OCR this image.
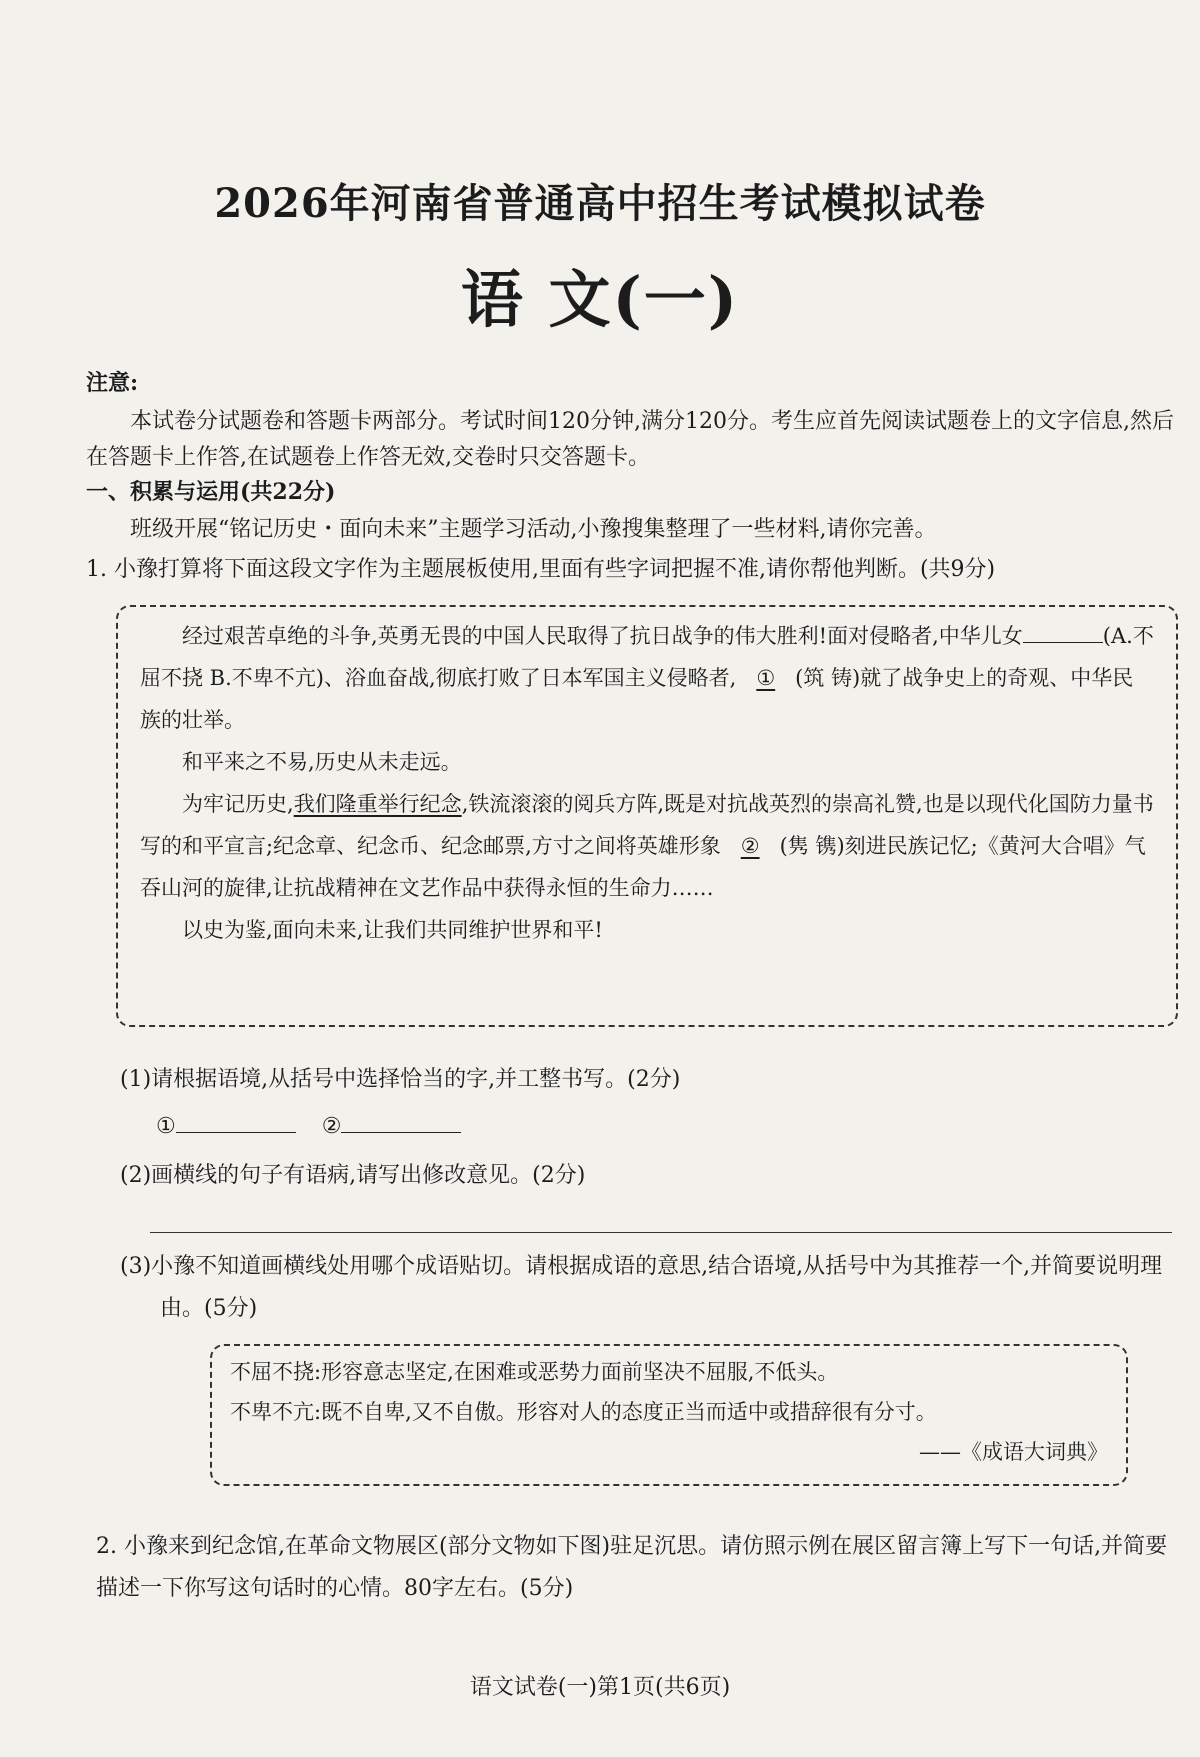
2026年河南省普通高中招生考试模拟试卷
语 文(一)
注意:
本试卷分试题卷和答题卡两部分。考试时间120分钟,满分120分。考生应首先阅读试题卷上的文字信息,然后在答题卡上作答,在试题卷上作答无效,交卷时只交答题卡。
一、积累与运用(共22分)
班级开展“铭记历史・面向未来”主题学习活动,小豫搜集整理了一些材料,请你完善。
1. 小豫打算将下面这段文字作为主题展板使用,里面有些字词把握不准,请你帮他判断。(共9分)

经过艰苦卓绝的斗争,英勇无畏的中国人民取得了抗日战争的伟大胜利!面对侵略者,中华儿女	(A.不屈不挠 B.不卑不亢)、浴血奋战,彻底打败了日本军国主义侵略者, ① (筑 铸)就了战争史上的奇观、中华民族的壮举。

和平来之不易,历史从未走远。

为牢记历史,我们隆重举行纪念,铁流滚滚的阅兵方阵,既是对抗战英烈的崇高礼赞,也是以现代化国防力量书写的和平宣言;纪念章、纪念币、纪念邮票,方寸之间将英雄形象 ② (隽 镌)刻进民族记忆;《黄河大合唱》气吞山河的旋律,让抗战精神在文艺作品中获得永恒的生命力……

以史为鉴,面向未来,让我们共同维护世界和平!

(1)请根据语境,从括号中选择恰当的字,并工整书写。(2分)
①	②
(2)画横线的句子有语病,请写出修改意见。(2分)
(3)小豫不知道画横线处用哪个成语贴切。请根据成语的意思,结合语境,从括号中为其推荐一个,并简要说明理由。(5分)

不屈不挠:形容意志坚定,在困难或恶势力面前坚决不屈服,不低头。

不卑不亢:既不自卑,又不自傲。形容对人的态度正当而适中或措辞很有分寸。

——《成语大词典》

2. 小豫来到纪念馆,在革命文物展区(部分文物如下图)驻足沉思。请仿照示例在展区留言簿上写下一句话,并简要描述一下你写这句话时的心情。80字左右。(5分)
语文试卷(一)第1页(共6页)
